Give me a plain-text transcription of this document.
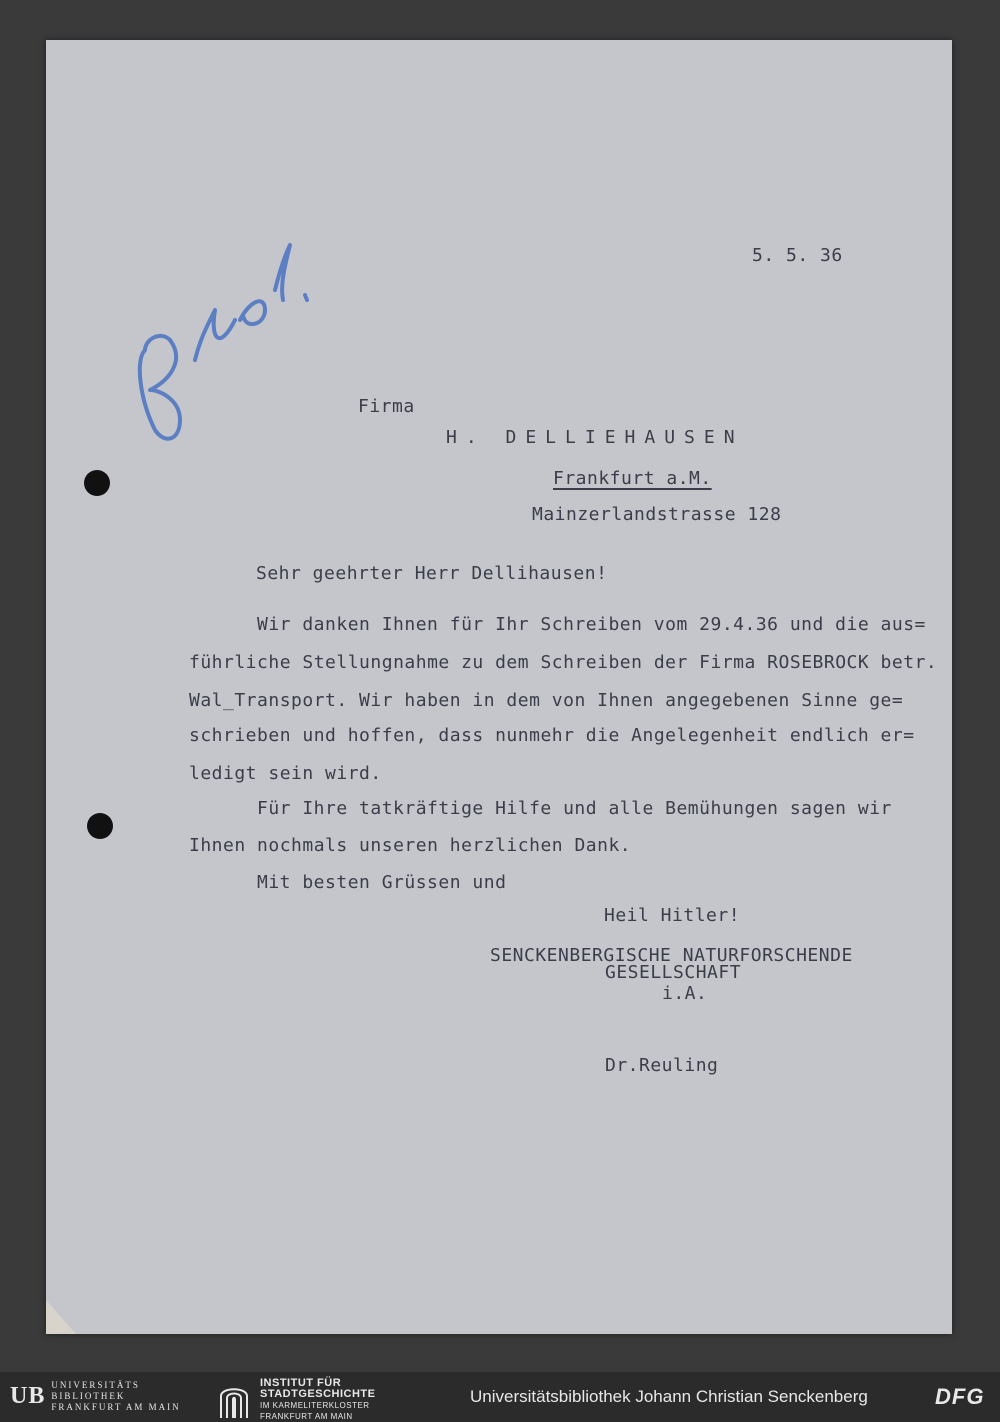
5. 5. 36
Firma
H. DELLIEHAUSEN
Frankfurt a.M.
Mainzerlandstrasse 128
Sehr geehrter Herr Dellihausen!
Wir danken Ihnen für Ihr Schreiben vom 29.4.36 und die aus=
führliche Stellungnahme zu dem Schreiben der Firma ROSEBROCK betr.
Wal_Transport. Wir haben in dem von Ihnen angegebenen Sinne ge=
schrieben und hoffen, dass nunmehr die Angelegenheit endlich er=
ledigt sein wird.
Für Ihre tatkräftige Hilfe und alle Bemühungen sagen wir
Ihnen nochmals unseren herzlichen Dank.
Mit besten Grüssen und
Heil Hitler!
SENCKENBERGISCHE NATURFORSCHENDE
GESELLSCHAFT
i.A.
Dr.Reuling
UB UNIVERSITÄTS
BIBLIOTHEK
FRANKFURT AM MAIN
INSTITUT FÜR
STADTGESCHICHTE
IM KARMELITERKLOSTER
FRANKFURT AM MAIN
Universitätsbibliothek Johann Christian Senckenberg	DFG
